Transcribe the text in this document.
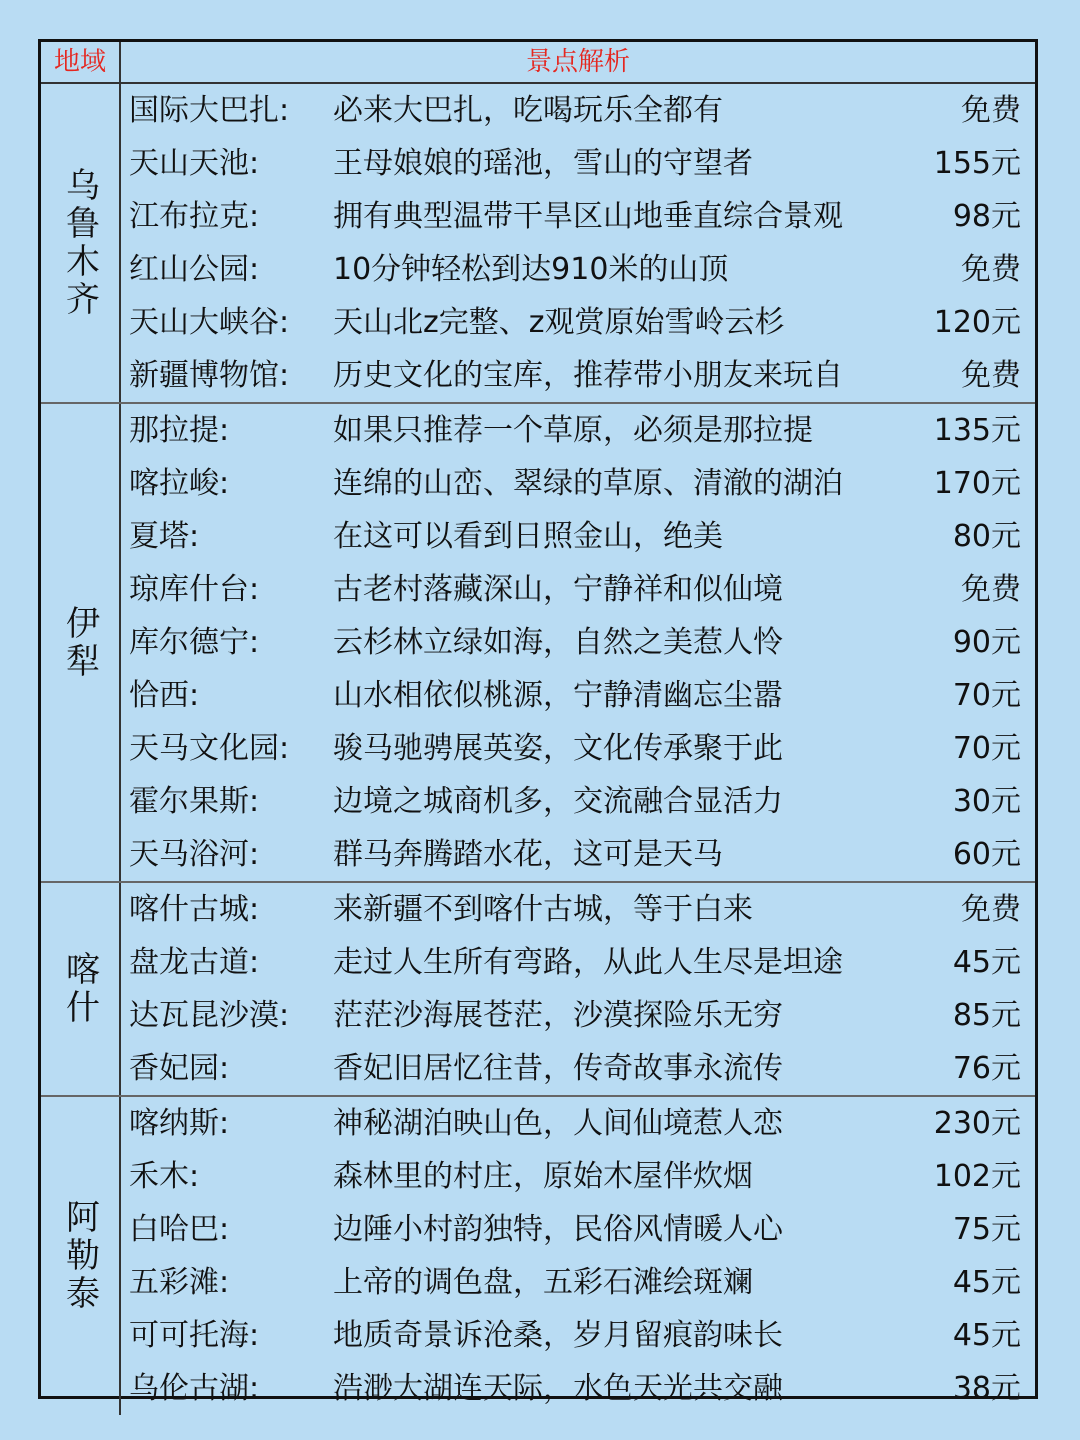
地域	景点解析
乌鲁木齐
国际大巴扎: 必来大巴扎，吃喝玩乐全都有	免费
天山天池: 王母娘娘的瑶池，雪山的守望者	155元
江布拉克: 拥有典型温带干旱区山地垂直综合景观	98元
红山公园: 10分钟轻松到达910米的山顶	免费
天山大峡谷: 天山北z完整、z观赏原始雪岭云杉	120元
新疆博物馆: 历史文化的宝库，推荐带小朋友来玩自	免费
伊犁
那拉提:	如果只推荐一个草原，必须是那拉提	135元
喀拉峻:	连绵的山峦、翠绿的草原、清澈的湖泊	170元
夏塔:	在这可以看到日照金山，绝美	80元
琼库什台: 古老村落藏深山，宁静祥和似仙境	免费
库尔德宁: 云杉林立绿如海，自然之美惹人怜	90元
恰西:	山水相依似桃源，宁静清幽忘尘嚣	70元
天马文化园: 骏马驰骋展英姿，文化传承聚于此	70元
霍尔果斯: 边境之城商机多，交流融合显活力	30元
天马浴河: 群马奔腾踏水花，这可是天马	60元
喀什
喀什古城: 来新疆不到喀什古城，等于白来	免费
盘龙古道: 走过人生所有弯路，从此人生尽是坦途	45元
达瓦昆沙漠: 茫茫沙海展苍茫，沙漠探险乐无穷	85元
香妃园:	香妃旧居忆往昔，传奇故事永流传	76元
阿勒泰
喀纳斯:	神秘湖泊映山色，人间仙境惹人恋	230元
禾木:	森林里的村庄，原始木屋伴炊烟	102元
白哈巴:	边陲小村韵独特，民俗风情暖人心	75元
五彩滩:	上帝的调色盘，五彩石滩绘斑斓	45元
可可托海: 地质奇景诉沧桑，岁月留痕韵味长	45元
乌伦古湖: 浩渺大湖连天际，水色天光共交融	38元
